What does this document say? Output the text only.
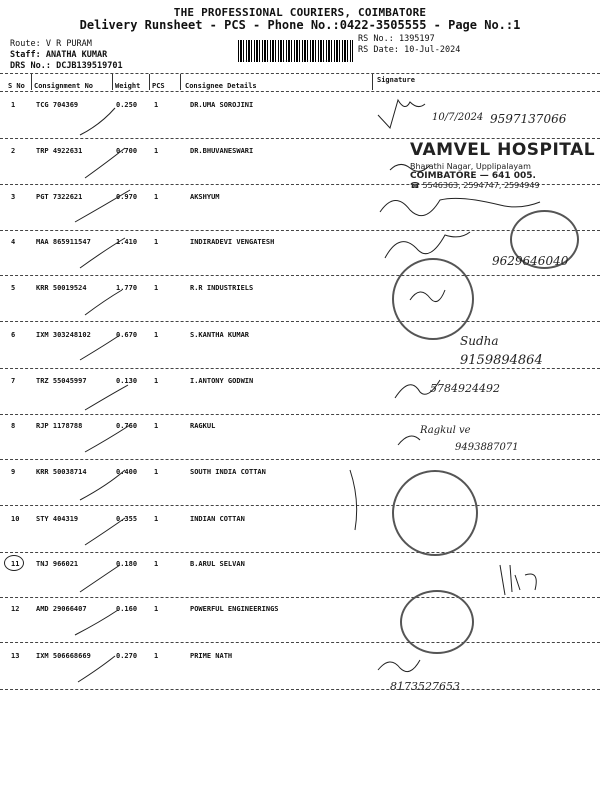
THE PROFESSIONAL COURIERS, COIMBATORE
Delivery Runsheet - PCS - Phone No.:0422-3505555 - Page No.:1
Route: V R PURAM
Staff: ANATHA KUMAR
DRS No.: DCJB139519701
RS No.: 1395197
RS Date: 10-Jul-2024
S No Consignment No	Weight PCS	Consignee Details
Signature
1	TCG 704369	0.250 1	DR.UMA SOROJINI
2	TRP 4922631	0.700 1	DR.BHUVANESWARI
3	PGT 7322621	0.970 1	AKSHYUM
4	MAA 865911547	1.410 1	INDIRADEVI VENGATESH
5	KRR 50019524	1.770 1	R.R INDUSTRIELS
6	IXM 303248102	0.670 1	S.KANTHA KUMAR
7	TRZ 55045997	0.130 1	I.ANTONY GODWIN
8	RJP 1178788	0.760 1	RAGKUL
9	KRR 50038714	0.400 1	SOUTH INDIA COTTAN
10 STY 404319	0.355 1	INDIAN COTTAN
11 TNJ 966021	0.180 1	B.ARUL SELVAN
12 AMD 29066407	0.160 1	POWERFUL ENGINEERINGS
13 IXM 506668669	0.270 1	PRIME NATH
VAMVEL HOSPITAL
Bharathi Nagar, Upplipalayam
COIMBATORE — 641 005.
☎ 5546363, 2594747, 2594949
10/7/2024 9597137066
9629646040
Sudha
9159894864
5784924492
Ragkul ve
9493887071
8173527653
